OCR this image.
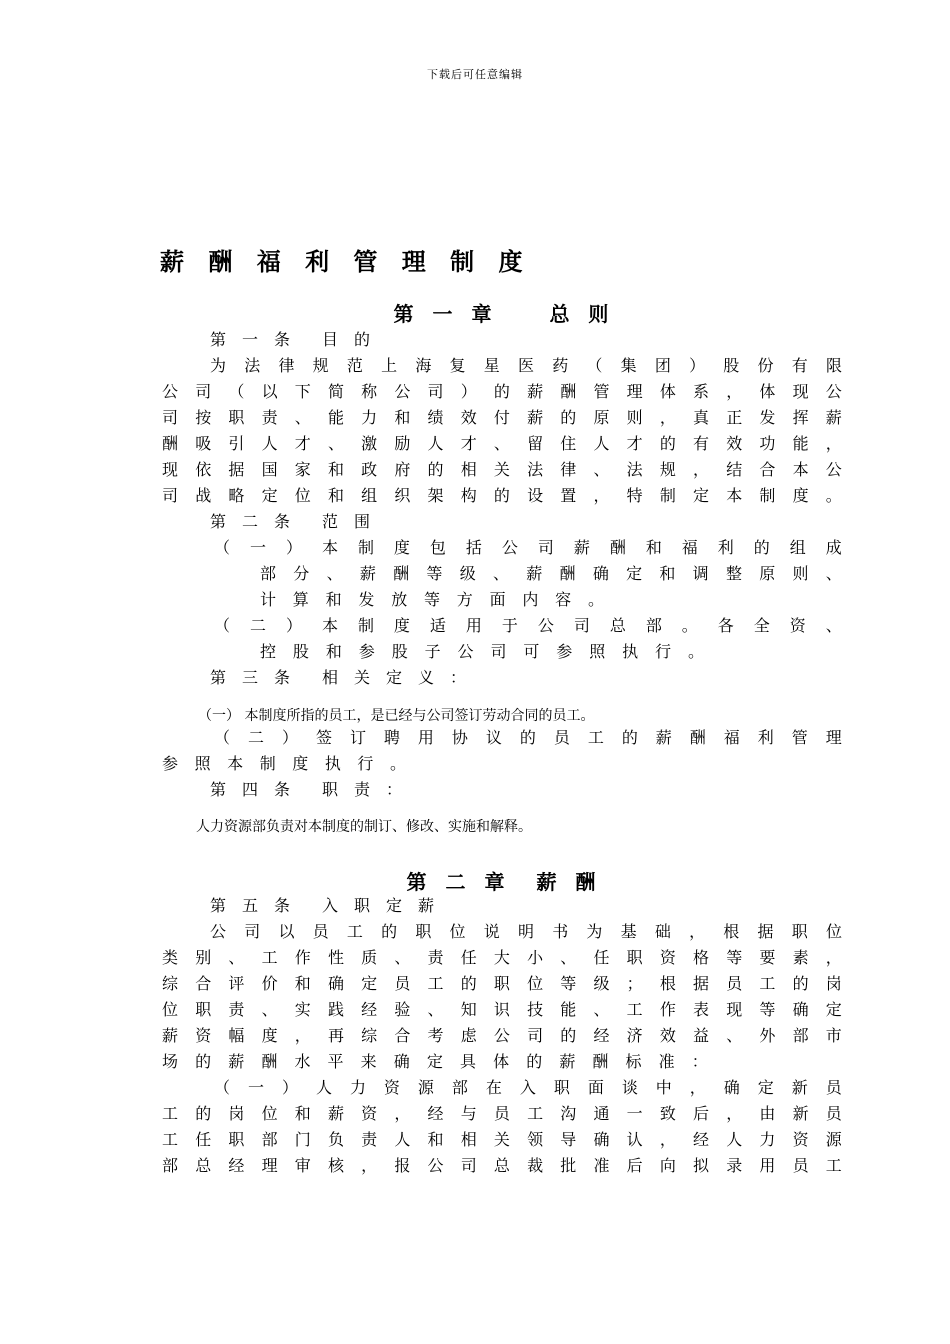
下载后可任意编辑
薪 酬 福 利 管 理 制 度
第 一 章　　总 则
第　一　条　　目　的
为 法 律 规 范 上 海 复 星 医 药 （ 集 团 ） 股 份 有 限
公 司 （ 以 下 简 称 公 司 ） 的 薪 酬 管 理 体 系 ， 体 现 公
司 按 职 责 、 能 力 和 绩 效 付 薪 的 原 则 ， 真 正 发 挥 薪
酬 吸 引 人 才 、 激 励 人 才 、 留 住 人 才 的 有 效 功 能 ，
现 依 据 国 家 和 政 府 的 相 关 法 律 、 法 规 ， 结 合 本 公
司 战 略 定 位 和 组 织 架 构 的 设 置 ， 特 制 定 本 制 度 。
第　二　条　　范　围
（ 一 ） 本 制 度 包 括 公 司 薪 酬 和 福 利 的 组 成
部 分 、 薪 酬 等 级 、 薪 酬 确 定 和 调 整 原 则 、
计 算 和 发 放 等 方 面 内 容 。
（ 二 ） 本 制 度 适 用 于 公 司 总 部 。 各 全 资 、
控 股 和 参 股 子 公 司 可 参 照 执 行 。
第　三　条　　相　关　定　义　：
（一） 本制度所指的员工，是已经与公司签订劳动合同的员工。
（ 二 ） 签 订 聘 用 协 议 的 员 工 的 薪 酬 福 利 管 理
参 照 本 制 度 执 行 。
第　四　条　　职　责　：
人力资源部负责对本制度的制订、修改、实施和解释。
第 二 章　薪 酬
第　五　条　　入　职　定　薪
公 司 以 员 工 的 职 位 说 明 书 为 基 础 ， 根 据 职 位
类 别 、 工 作 性 质 、 责 任 大 小 、 任 职 资 格 等 要 素 ，
综 合 评 价 和 确 定 员 工 的 职 位 等 级 ； 根 据 员 工 的 岗
位 职 责 、 实 践 经 验 、 知 识 技 能 、 工 作 表 现 等 确 定
薪 资 幅 度 ， 再 综 合 考 虑 公 司 的 经 济 效 益 、 外 部 市
场 的 薪 酬 水 平 来 确 定 具 体 的 薪 酬 标 准 ：
（ 一 ） 人 力 资 源 部 在 入 职 面 谈 中 ， 确 定 新 员
工 的 岗 位 和 薪 资 ， 经 与 员 工 沟 通 一 致 后 ， 由 新 员
工 任 职 部 门 负 责 人 和 相 关 领 导 确 认 ， 经 人 力 资 源
部 总 经 理 审 核 ， 报 公 司 总 裁 批 准 后 向 拟 录 用 员 工
